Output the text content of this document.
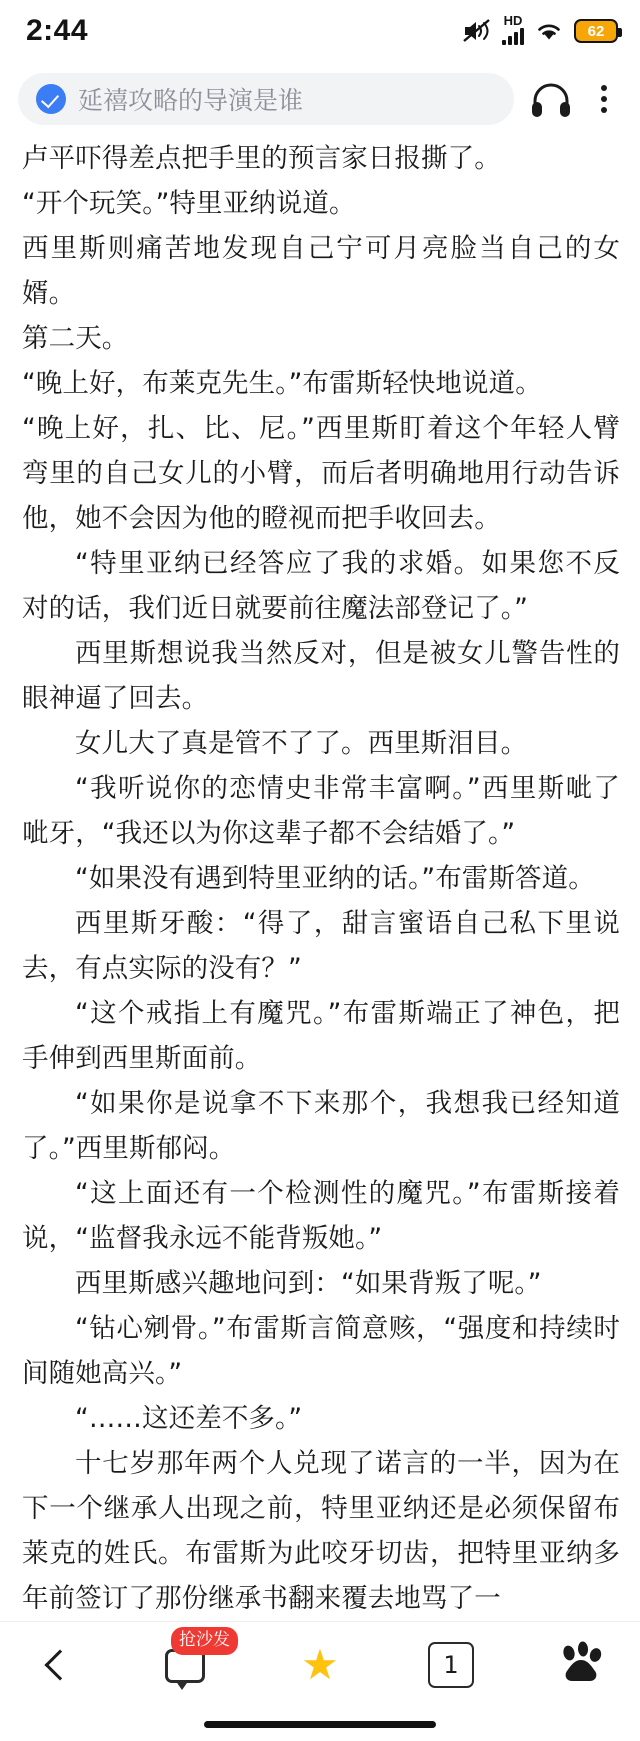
2:44	HD
62
延禧攻略的导演是谁

卢平吓得差点把手里的预言家日报撕了。

“开个玩笑。”特里亚纳说道。

西里斯则痛苦地发现自己宁可月亮脸当自己的女婿。

第二天。

“晚上好，布莱克先生。”布雷斯轻快地说道。

“晚上好，扎、比、尼。”西里斯盯着这个年轻人臂弯里的自己女儿的小臂，而后者明确地用行动告诉他，她不会因为他的瞪视而把手收回去。

“特里亚纳已经答应了我的求婚。如果您不反对的话，我们近日就要前往魔法部登记了。”

西里斯想说我当然反对，但是被女儿警告性的眼神逼了回去。

女儿大了真是管不了了。西里斯泪目。

“我听说你的恋情史非常丰富啊。”西里斯呲了呲牙，“我还以为你这辈子都不会结婚了。”

“如果没有遇到特里亚纳的话。”布雷斯答道。

西里斯牙酸：“得了，甜言蜜语自己私下里说去，有点实际的没有？”

“这个戒指上有魔咒。”布雷斯端正了神色，把手伸到西里斯面前。

“如果你是说拿不下来那个，我想我已经知道了。”西里斯郁闷。

“这上面还有一个检测性的魔咒。”布雷斯接着说，“监督我永远不能背叛她。”

西里斯感兴趣地问到：“如果背叛了呢。”

“钻心剜骨。”布雷斯言简意赅，“强度和持续时间随她高兴。”

“……这还差不多。”

十七岁那年两个人兑现了诺言的一半，因为在下一个继承人出现之前，特里亚纳还是必须保留布莱克的姓氏。布雷斯为此咬牙切齿，把特里亚纳多年前签订了那份继承书翻来覆去地骂了一

抢沙发
★	1
